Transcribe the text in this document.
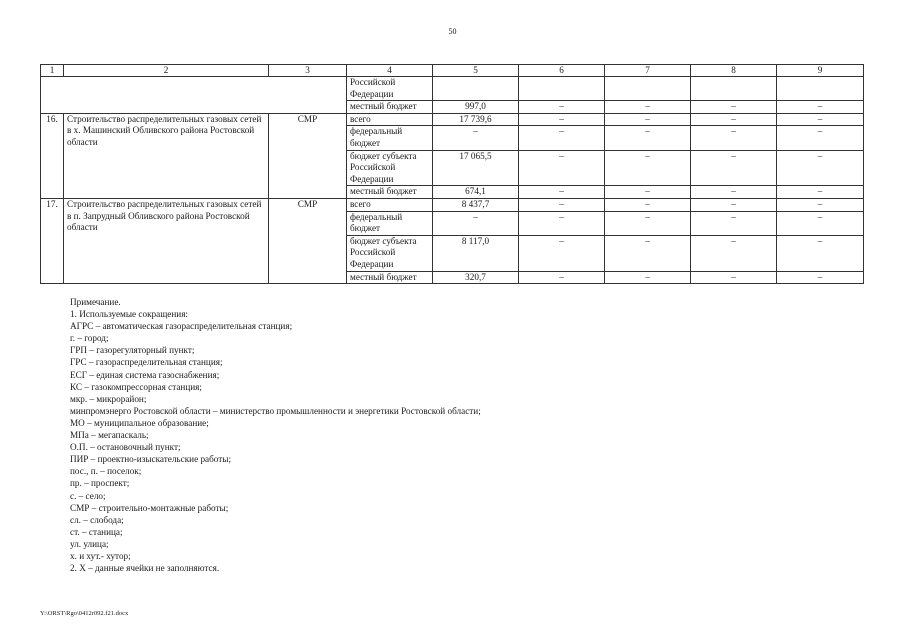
50
1	2	3	4	5	6	7	8	9
			Российской Федерации					
			местный бюджет	997,0	–	–	–	–
16.	Строительство распределительных газовых сетей в х. Машинский Обливского района Ростовской области	СМР	всего	17 739,6	–	–	–	–
			федеральный бюджет	–	–	–	–	–
			бюджет субъекта Российской Федерации	17 065,5	–	–	–	–
			местный бюджет	674,1	–	–	–	–
17.	Строительство распределительных газовых сетей в п. Запрудный Обливского района Ростовской области	СМР	всего	8 437,7	–	–	–	–
			федеральный бюджет	–	–	–	–	–
			бюджет субъекта Российской Федерации	8 117,0	–	–	–	–
			местный бюджет	320,7	–	–	–	–
Примечание.
1. Используемые сокращения:
АГРС – автоматическая газораспределительная станция;
г. – город;
ГРП – газорегуляторный пункт;
ГРС – газораспределительная станция;
ЕСГ – единая система газоснабжения;
КС – газокомпрессорная станция;
мкр. – микрорайон;
минпромэнерго Ростовской области – министерство промышленности и энергетики Ростовской области;
МО – муниципальное образование;
МПа – мегапаскаль;
О.П. – остановочный пункт;
ПИР – проектно-изыскательские работы;
пос., п. – поселок;
пр. – проспект;
с. – село;
СМР – строительно-монтажные работы;
сл. – слобода;
ст. – станица;
ул. улица;
х. и хут.- хутор;
2. Х – данные ячейки не заполняются.
Y:\ORST\Rgo\0412r092.f21.docx
